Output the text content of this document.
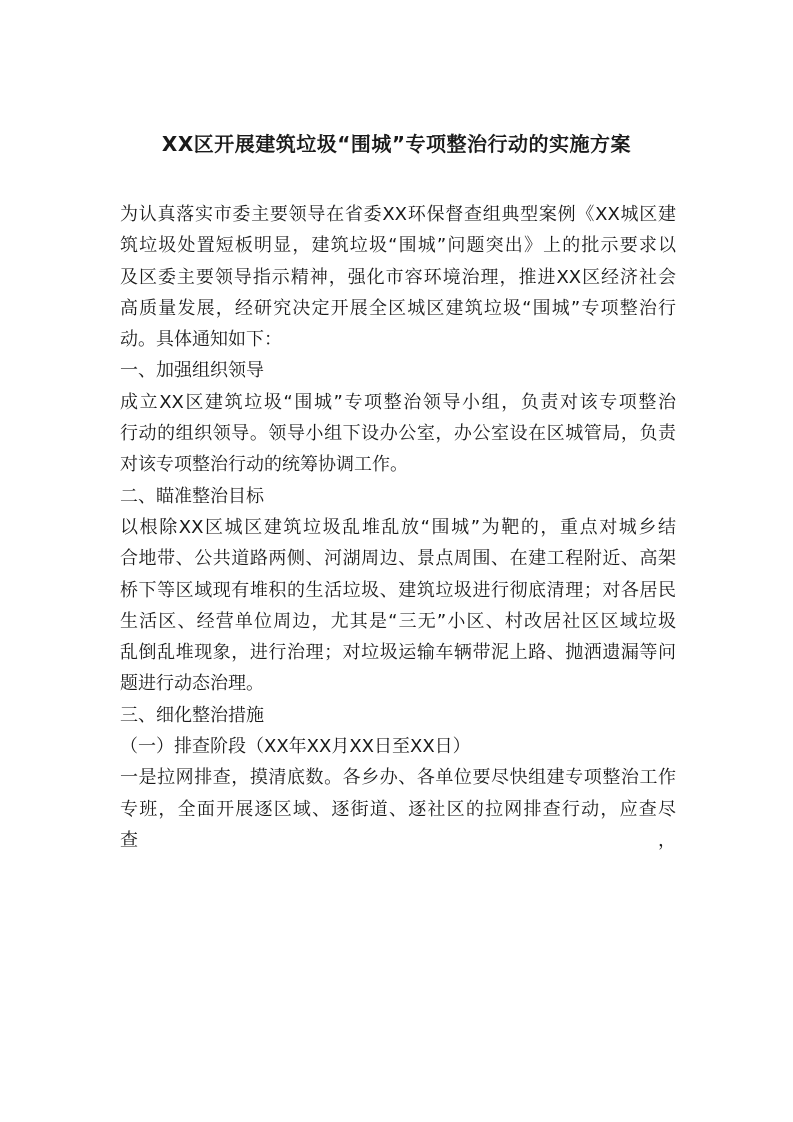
XX区开展建筑垃圾“围城”专项整治行动的实施方案
为认真落实市委主要领导在省委XX环保督查组典型案例《XX城区建
筑垃圾处置短板明显，建筑垃圾“围城”问题突出》上的批示要求以
及区委主要领导指示精神，强化市容环境治理，推进XX区经济社会
高质量发展，经研究决定开展全区城区建筑垃圾“围城”专项整治行
动。具体通知如下：
一、加强组织领导
成立XX区建筑垃圾“围城”专项整治领导小组，负责对该专项整治
行动的组织领导。领导小组下设办公室，办公室设在区城管局，负责
对该专项整治行动的统筹协调工作。
二、瞄准整治目标
以根除XX区城区建筑垃圾乱堆乱放“围城”为靶的，重点对城乡结
合地带、公共道路两侧、河湖周边、景点周围、在建工程附近、高架
桥下等区域现有堆积的生活垃圾、建筑垃圾进行彻底清理；对各居民
生活区、经营单位周边，尤其是“三无”小区、村改居社区区域垃圾
乱倒乱堆现象，进行治理；对垃圾运输车辆带泥上路、抛洒遗漏等问
题进行动态治理。
三、细化整治措施
（一）排查阶段（XX年XX月XX日至XX日）
一是拉网排查，摸清底数。各乡办、各单位要尽快组建专项整治工作
专班，全面开展逐区域、逐街道、逐社区的拉网排查行动，应查尽查，
